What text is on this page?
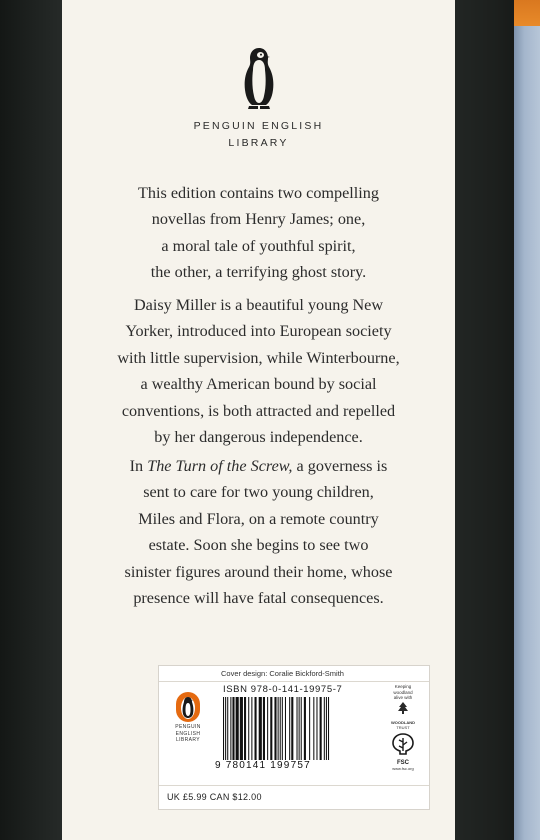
PENGUIN ENGLISH
LIBRARY
This edition contains two compelling
novellas from Henry James; one,
a moral tale of youthful spirit,
the other, a terrifying ghost story.
Daisy Miller is a beautiful young New
Yorker, introduced into European society
with little supervision, while Winterbourne,
a wealthy American bound by social
conventions, is both attracted and repelled
by her dangerous independence.
In The Turn of the Screw, a governess is
sent to care for two young children,
Miles and Flora, on a remote country
estate. Soon she begins to see two
sinister figures around their home, whose
presence will have fatal consequences.
Cover design: Coralie Bickford-Smith
PENGUIN
ENGLISH
LIBRARY
ISBN 978-0-141-19975-7
9 780141 199757
Keeping
woodland
alive with
WOODLAND
TRUST
FSC
www.fsc.org
UK £5.99 CAN $12.00
